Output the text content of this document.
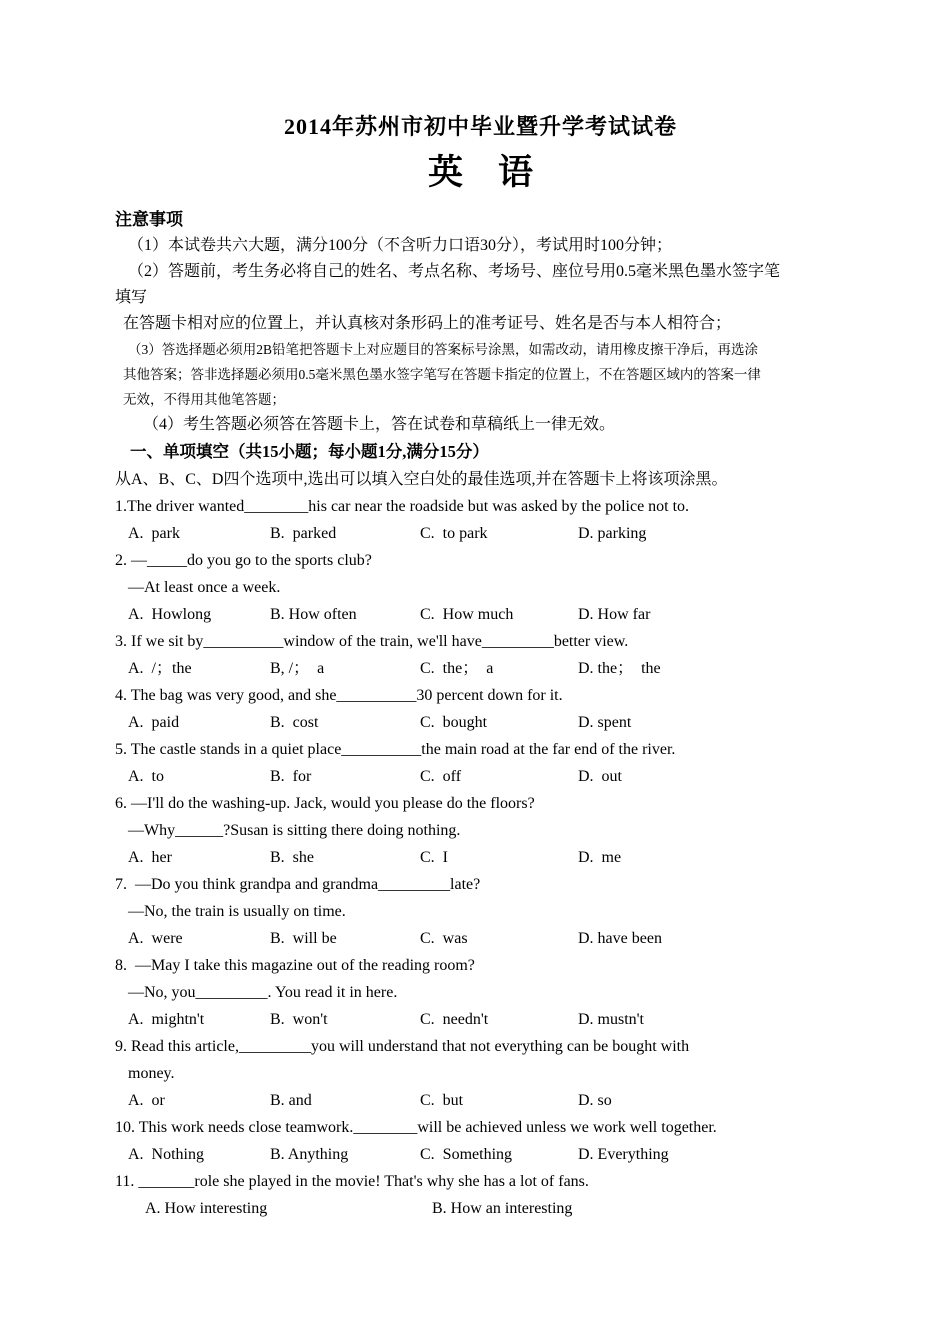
2014年苏州市初中毕业暨升学考试试卷
英　语
注意事项
（1）本试卷共六大题，满分100分（不含听力口语30分），考试用时100分钟；
（2）答题前，考生务必将自己的姓名、考点名称、考场号、座位号用0.5毫米黑色墨水签字笔
填写
在答题卡相对应的位置上，并认真核对条形码上的准考证号、姓名是否与本人相符合；
（3）答选择题必须用2B铅笔把答题卡上对应题目的答案标号涂黑，如需改动，请用橡皮擦干净后，再选涂
其他答案；答非选择题必须用0.5毫米黑色墨水签字笔写在答题卡指定的位置上，不在答题区域内的答案一律
无效，不得用其他笔答题；
（4）考生答题必须答在答题卡上，答在试卷和草稿纸上一律无效。
一、单项填空（共15小题；每小题1分,满分15分）
从A、B、C、D四个选项中,选出可以填入空白处的最佳选项,并在答题卡上将该项涂黑。
1.The driver wanted________his car near the roadside but was asked by the police not to.
A.  park	B.  parked	C.  to park	D. parking
2. —_____do you go to the sports club?
—At least once a week.
A.  Howlong	B. How often	C.  How much	D. How far
3. If we sit by__________window of the train, we'll have_________better view.
A.  /；the	B, /；  a	C.  the；  a	D. the；  the
4. The bag was very good, and she__________30 percent down for it.
A.  paid	B.  cost	C.  bought	D. spent
5. The castle stands in a quiet place__________the main road at the far end of the river.
A.  to	B.  for	C.  off	D.  out
6. —I'll do the washing-up. Jack, would you please do the floors?
—Why______?Susan is sitting there doing nothing.
A.  her	B.  she	C.  I	D.  me
7.  —Do you think grandpa and grandma_________late?
—No, the train is usually on time.
A.  were	B.  will be	C.  was	D. have been
8.  —May I take this magazine out of the reading room?
—No, you_________. You read it in here.
A.  mightn't	B.  won't	C.  needn't	D. mustn't
9. Read this article,_________you will understand that not everything can be bought with
money.
A.  or	B. and	C.  but	D. so
10. This work needs close teamwork.________will be achieved unless we work well together.
A.  Nothing	B. Anything	C.  Something	D. Everything
11. _______role she played in the movie! That's why she has a lot of fans.
A. How interesting	B. How an interesting
